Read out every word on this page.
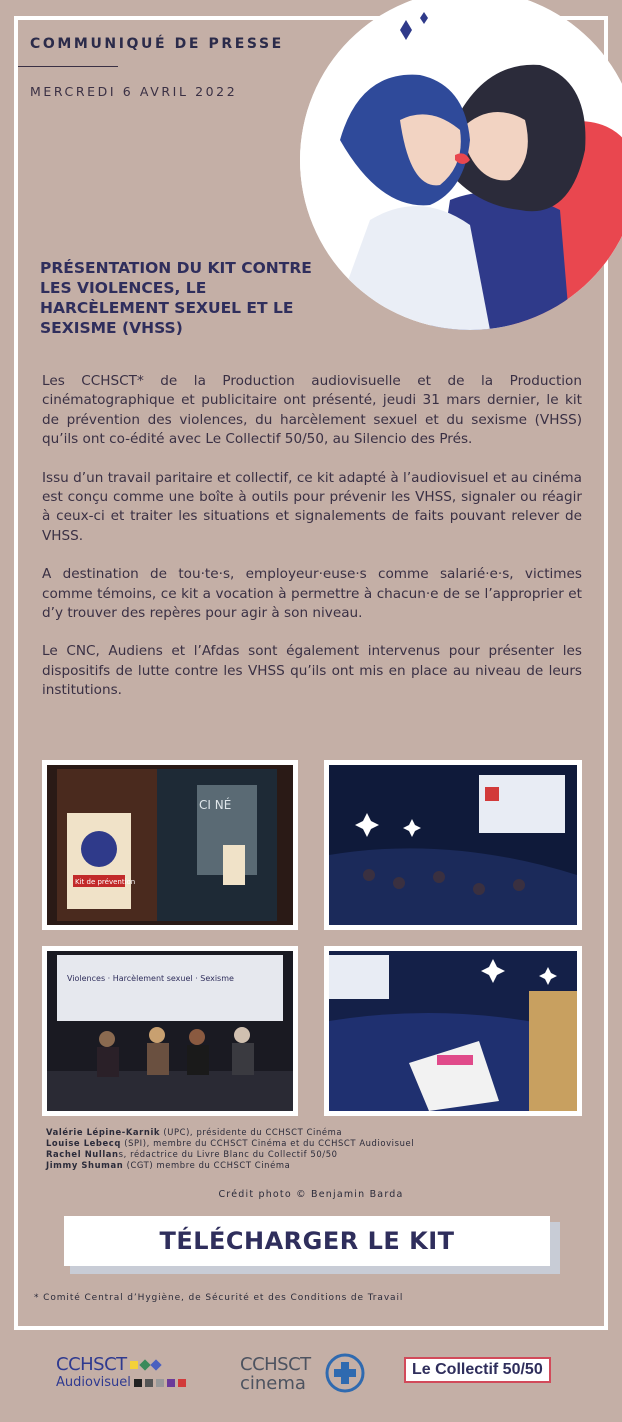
COMMUNIQUÉ DE PRESSE
MERCREDI 6 AVRIL 2022
PRÉSENTATION DU KIT CONTRE LES VIOLENCES, LE HARCÈLEMENT SEXUEL ET LE SEXISME (VHSS)

Les CCHSCT* de la Production audiovisuelle et de la Production cinématographique et publicitaire ont présenté, jeudi 31 mars dernier, le kit de prévention des violences, du harcèlement sexuel et du sexisme (VHSS) qu’ils ont co-édité avec Le Collectif 50/50, au Silencio des Prés.

Issu d’un travail paritaire et collectif, ce kit adapté à l’audiovisuel et au cinéma est conçu comme une boîte à outils pour prévenir les VHSS, signaler ou réagir à ceux-ci et traiter les situations et signalements de faits pouvant relever de VHSS.

A destination de tou·te·s, employeur·euse·s comme salarié·e·s, victimes comme témoins, ce kit a vocation à permettre à chacun·e de se l’approprier et d’y trouver des repères pour agir à son niveau.

Le CNC, Audiens et l’Afdas sont également intervenus pour présenter les dispositifs de lutte contre les VHSS qu’ils ont mis en place au niveau de leurs institutions.

CI NÉ
Kit de prévention
Violences · Harcèlement sexuel · Sexisme
Valérie Lépine-Karnik (UPC), présidente du CCHSCT Cinéma
Louise Lebecq (SPI), membre du CCHSCT Cinéma et du CCHSCT Audiovisuel
Rachel Nullans, rédactrice du Livre Blanc du Collectif 50/50
Jimmy Shuman (CGT) membre du CCHSCT Cinéma
Crédit photo © Benjamin Barda
TÉLÉCHARGER LE KIT
* Comité Central d’Hygiène, de Sécurité et des Conditions de Travail
CCHSCT
Audiovisuel
CCHSCT
cinema
Le Collectif 50/50
